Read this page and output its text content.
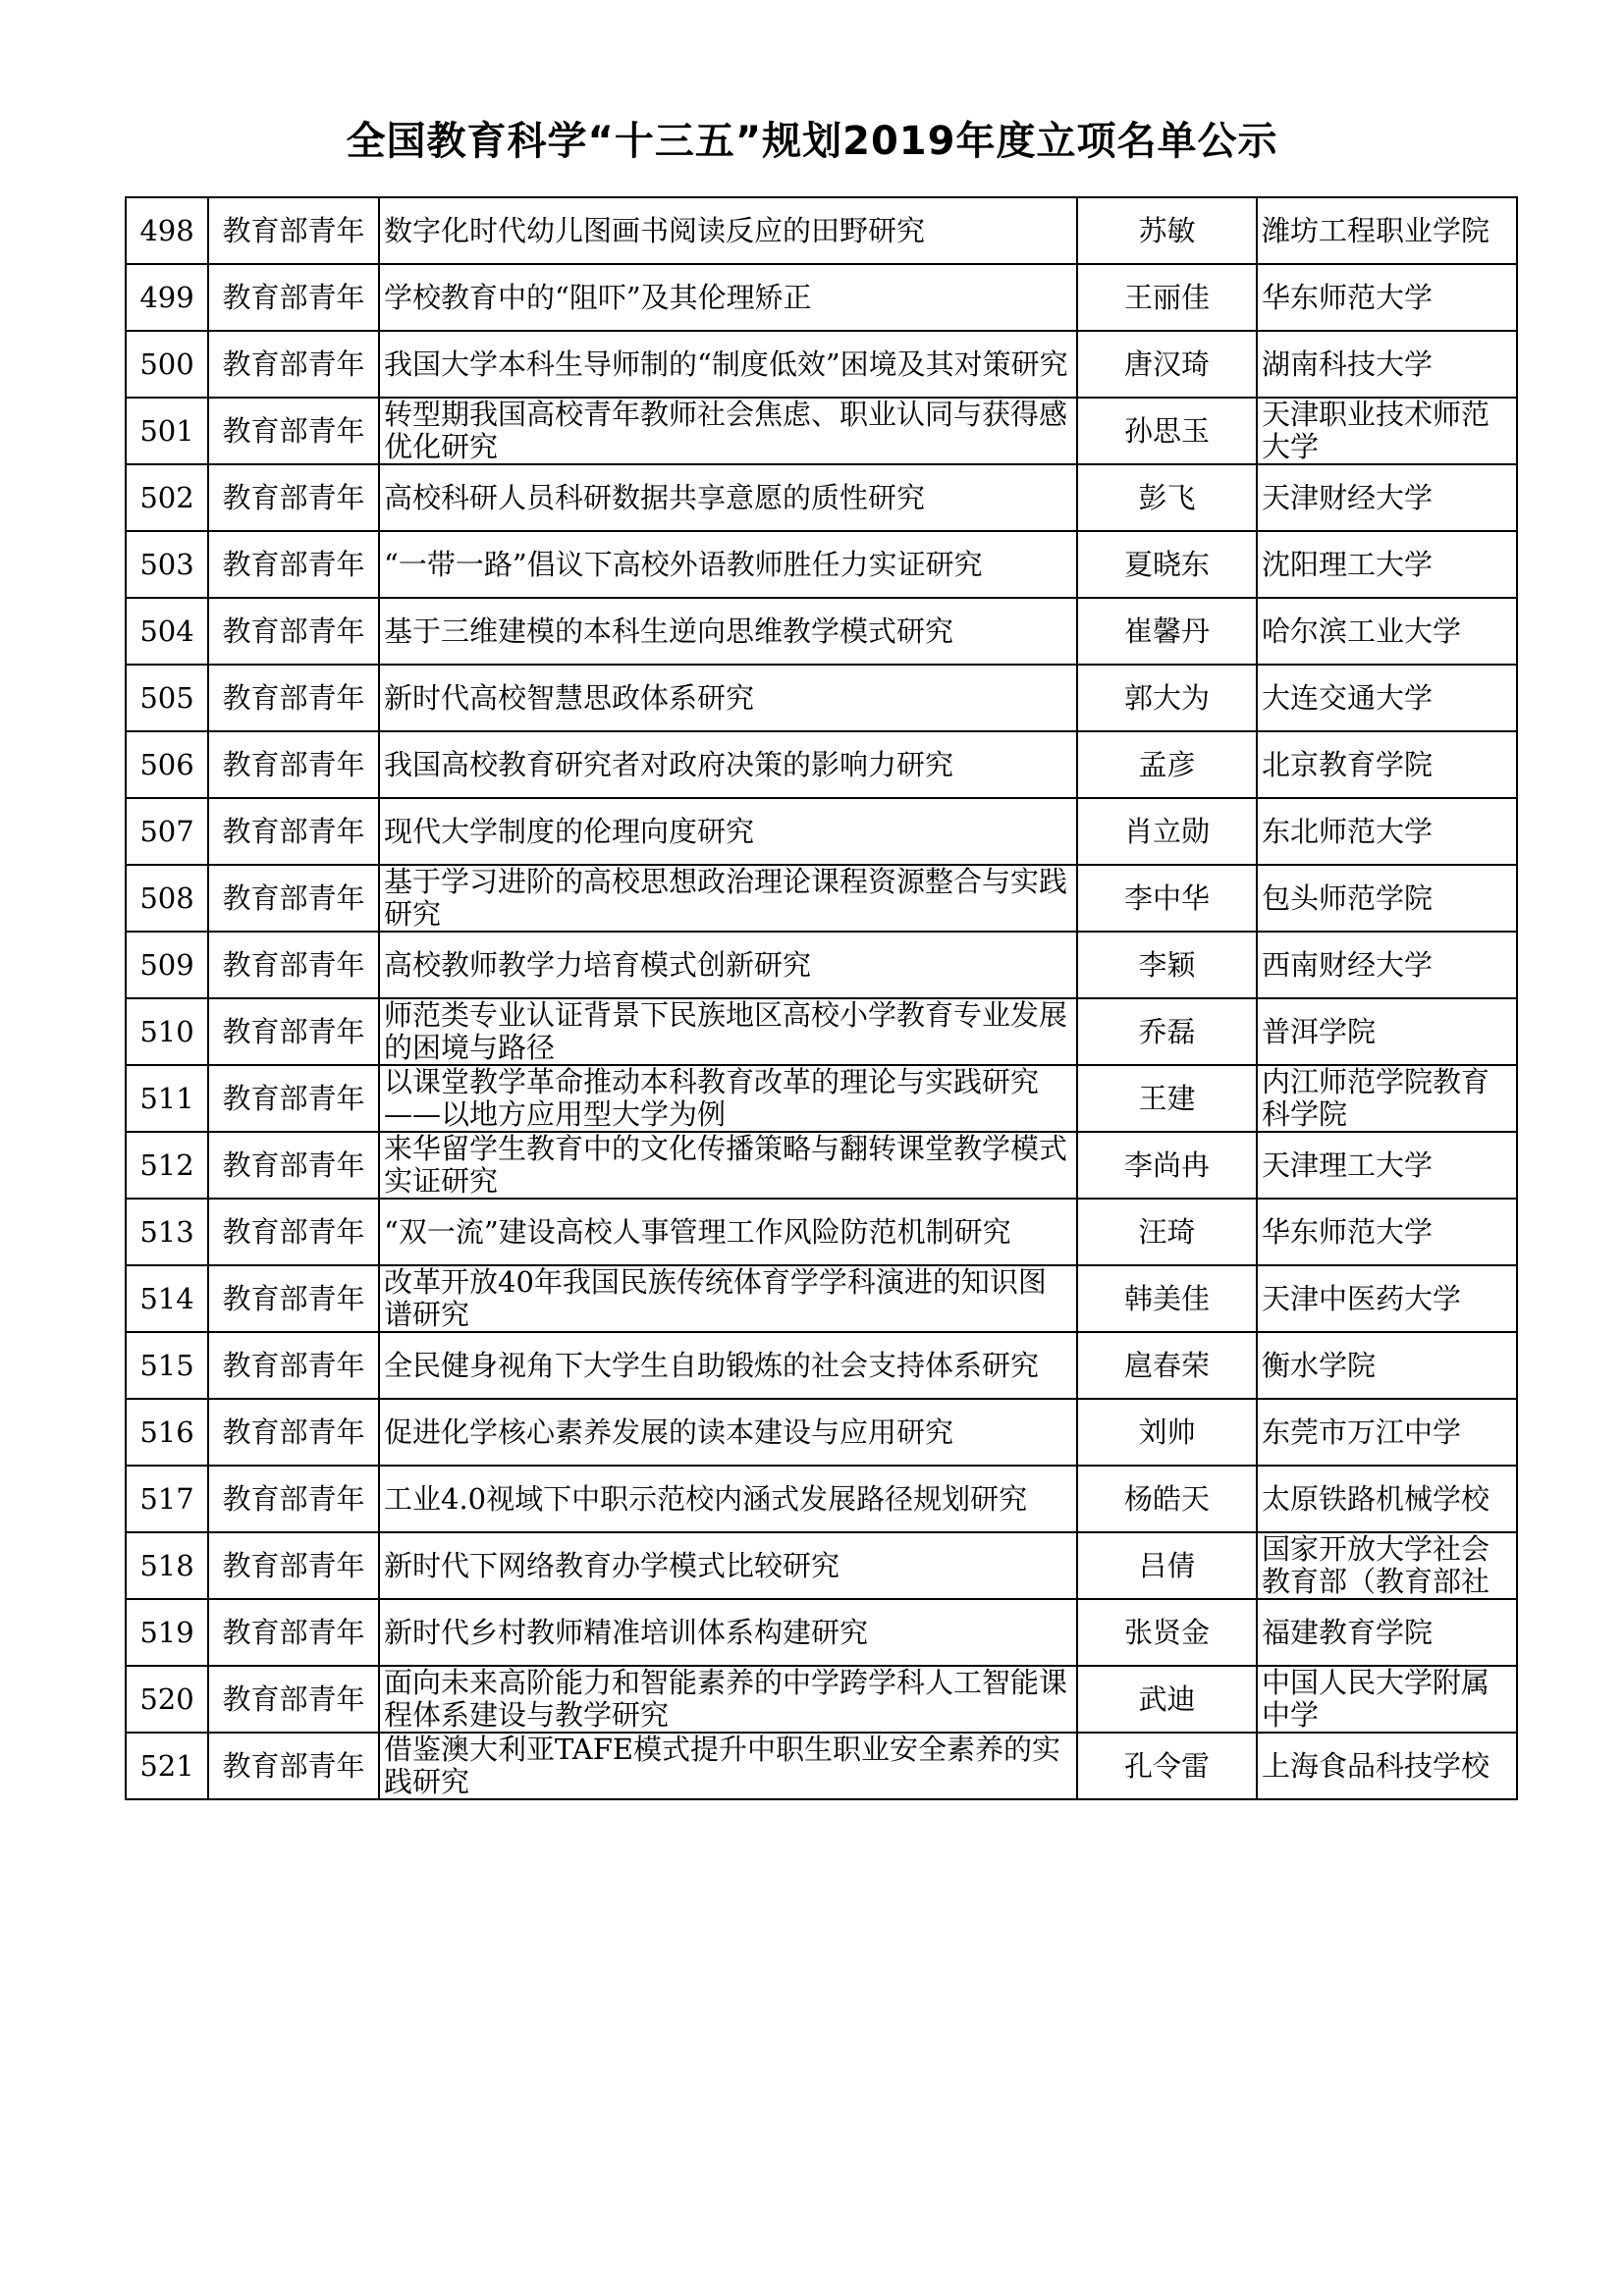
全国教育科学“十三五”规划2019年度立项名单公示
498	教育部青年	数字化时代幼儿图画书阅读反应的田野研究	苏敏	潍坊工程职业学院

499	教育部青年	学校教育中的“阻吓”及其伦理矫正	王丽佳	华东师范大学

500	教育部青年	我国大学本科生导师制的“制度低效”困境及其对策研究	唐汉琦	湖南科技大学

501	教育部青年	转型期我国高校青年教师社会焦虑、职业认同与获得感优化研究	孙思玉	天津职业技术师范大学

502	教育部青年	高校科研人员科研数据共享意愿的质性研究	彭飞	天津财经大学

503	教育部青年	“一带一路”倡议下高校外语教师胜任力实证研究	夏晓东	沈阳理工大学

504	教育部青年	基于三维建模的本科生逆向思维教学模式研究	崔馨丹	哈尔滨工业大学

505	教育部青年	新时代高校智慧思政体系研究	郭大为	大连交通大学

506	教育部青年	我国高校教育研究者对政府决策的影响力研究	孟彦	北京教育学院

507	教育部青年	现代大学制度的伦理向度研究	肖立勋	东北师范大学

508	教育部青年	基于学习进阶的高校思想政治理论课程资源整合与实践研究	李中华	包头师范学院

509	教育部青年	高校教师教学力培育模式创新研究	李颖	西南财经大学

510	教育部青年	师范类专业认证背景下民族地区高校小学教育专业发展的困境与路径	乔磊	普洱学院

511	教育部青年	以课堂教学革命推动本科教育改革的理论与实践研究——以地方应用型大学为例	王建	内江师范学院教育科学院

512	教育部青年	来华留学生教育中的文化传播策略与翻转课堂教学模式实证研究	李尚冉	天津理工大学

513	教育部青年	“双一流”建设高校人事管理工作风险防范机制研究	汪琦	华东师范大学

514	教育部青年	改革开放40年我国民族传统体育学学科演进的知识图谱研究	韩美佳	天津中医药大学

515	教育部青年	全民健身视角下大学生自助锻炼的社会支持体系研究	扈春荣	衡水学院

516	教育部青年	促进化学核心素养发展的读本建设与应用研究	刘帅	东莞市万江中学

517	教育部青年	工业4.0视域下中职示范校内涵式发展路径规划研究	杨皓天	太原铁路机械学校

518	教育部青年	新时代下网络教育办学模式比较研究	吕倩	国家开放大学社会教育部（教育部社

519	教育部青年	新时代乡村教师精准培训体系构建研究	张贤金	福建教育学院

520	教育部青年	面向未来高阶能力和智能素养的中学跨学科人工智能课程体系建设与教学研究	武迪	中国人民大学附属中学

521	教育部青年	借鉴澳大利亚TAFE模式提升中职生职业安全素养的实践研究	孔令雷	上海食品科技学校
